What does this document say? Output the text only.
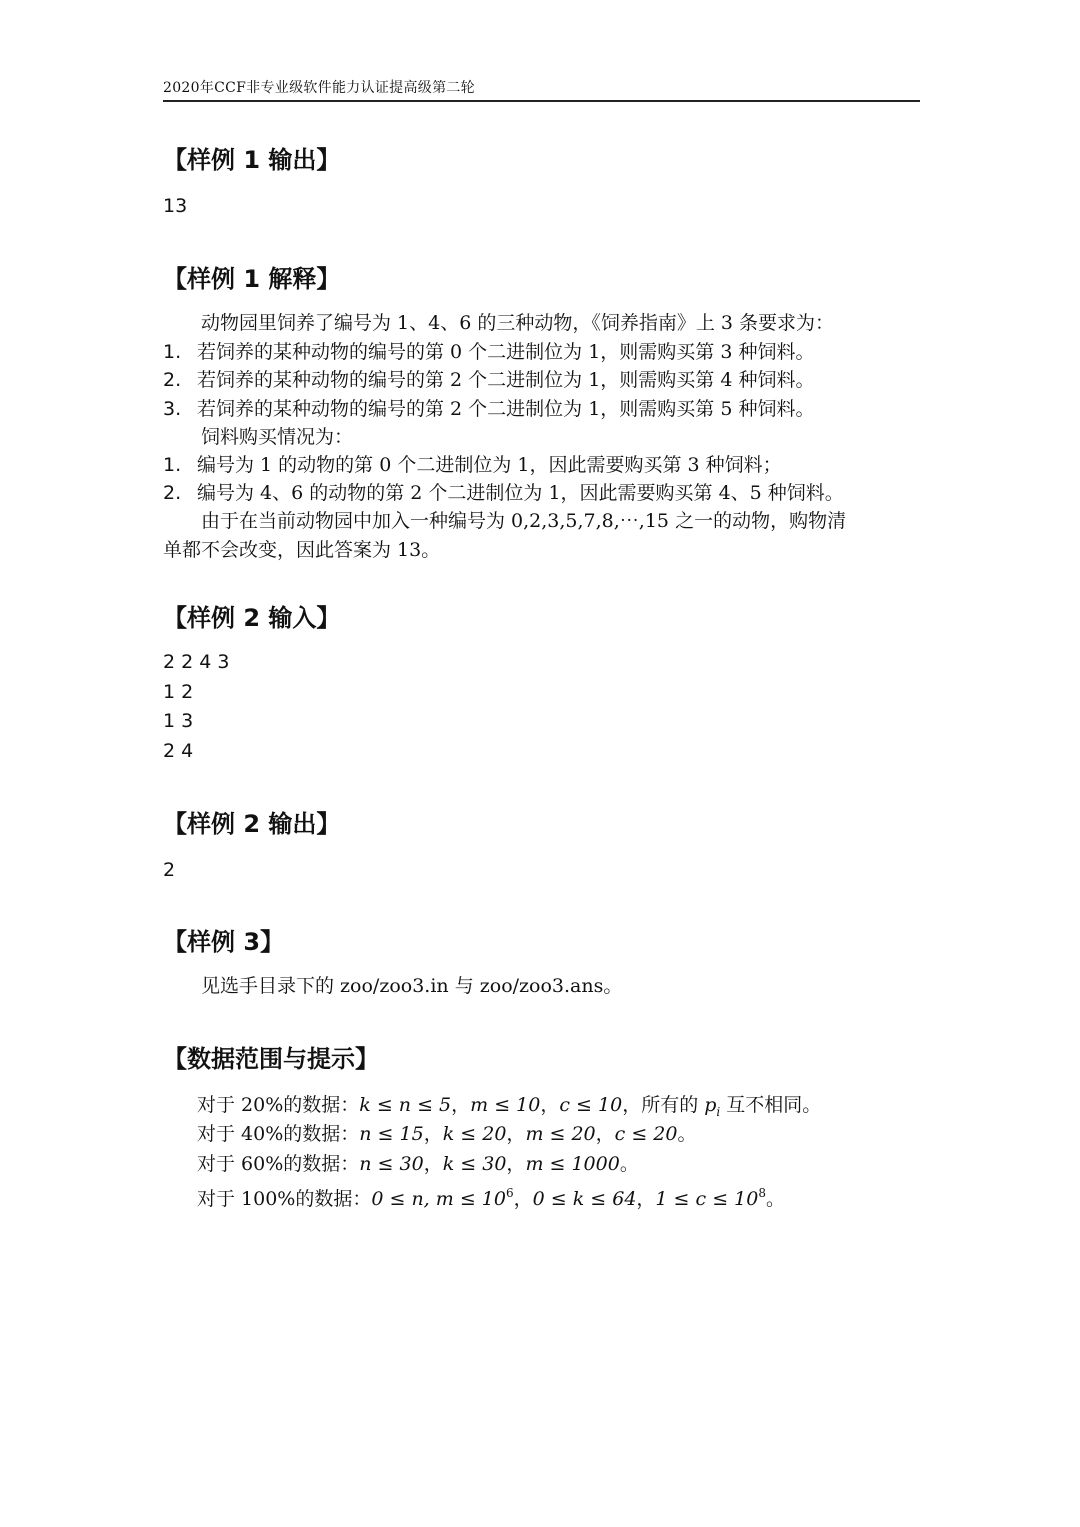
2020年CCF非专业级软件能力认证提高级第二轮
【样例 1 输出】
13
【样例 1 解释】
动物园里饲养了编号为 1、4、6 的三种动物，《饲养指南》上 3 条要求为：
1. 若饲养的某种动物的编号的第 0 个二进制位为 1，则需购买第 3 种饲料。
2. 若饲养的某种动物的编号的第 2 个二进制位为 1，则需购买第 4 种饲料。
3. 若饲养的某种动物的编号的第 2 个二进制位为 1，则需购买第 5 种饲料。
饲料购买情况为：
1. 编号为 1 的动物的第 0 个二进制位为 1，因此需要购买第 3 种饲料；
2. 编号为 4、6 的动物的第 2 个二进制位为 1，因此需要购买第 4、5 种饲料。
由于在当前动物园中加入一种编号为 0,2,3,5,7,8,⋯,15 之一的动物，购物清
单都不会改变，因此答案为 13。
【样例 2 输入】
2 2 4 3
1 2
1 3
2 4
【样例 2 输出】
2
【样例 3】
见选手目录下的 zoo/zoo3.in 与 zoo/zoo3.ans。
【数据范围与提示】
对于 20%的数据：k ≤ n ≤ 5，m ≤ 10，c ≤ 10，所有的 $p_i$ 互不相同。
对于 40%的数据：n ≤ 15，k ≤ 20，m ≤ 20，c ≤ 20。
对于 60%的数据：n ≤ 30，k ≤ 30，m ≤ 1000。
对于 100%的数据：0 ≤ n, $m \le 10^6$，0 ≤ k ≤ 64，$1 \le c \le 10^8$。
